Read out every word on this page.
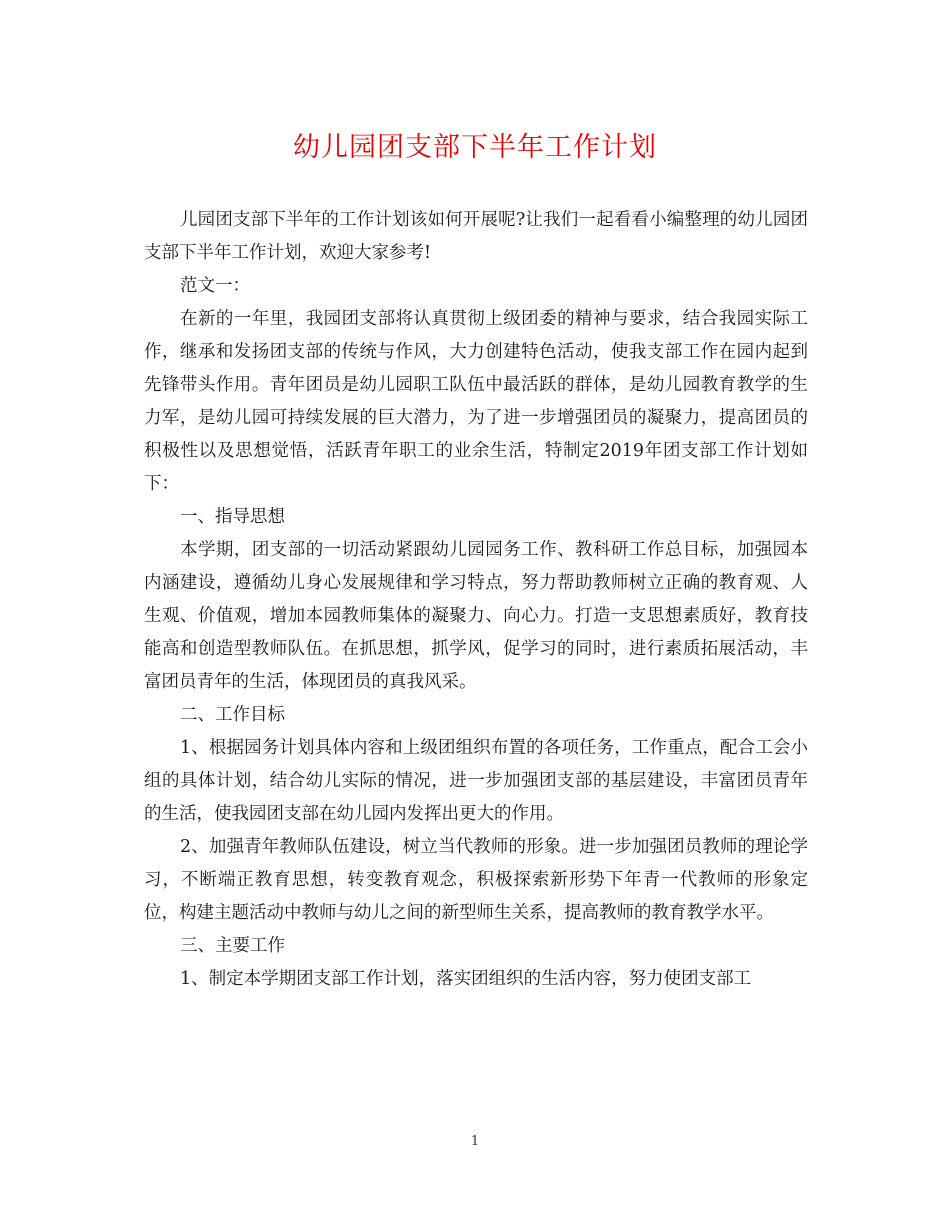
幼儿园团支部下半年工作计划

儿园团支部下半年的工作计划该如何开展呢?让我们一起看看小编整理的幼儿园团支部下半年工作计划，欢迎大家参考!

范文一：

在新的一年里，我园团支部将认真贯彻上级团委的精神与要求，结合我园实际工作，继承和发扬团支部的传统与作风，大力创建特色活动，使我支部工作在园内起到先锋带头作用。青年团员是幼儿园职工队伍中最活跃的群体，是幼儿园教育教学的生力军，是幼儿园可持续发展的巨大潜力，为了进一步增强团员的凝聚力，提高团员的积极性以及思想觉悟，活跃青年职工的业余生活，特制定2019年团支部工作计划如下：

一、指导思想

本学期，团支部的一切活动紧跟幼儿园园务工作、教科研工作总目标，加强园本内涵建设，遵循幼儿身心发展规律和学习特点，努力帮助教师树立正确的教育观、人生观、价值观，增加本园教师集体的凝聚力、向心力。打造一支思想素质好，教育技能高和创造型教师队伍。在抓思想，抓学风，促学习的同时，进行素质拓展活动，丰富团员青年的生活，体现团员的真我风采。

二、工作目标

1、根据园务计划具体内容和上级团组织布置的各项任务，工作重点，配合工会小组的具体计划，结合幼儿实际的情况，进一步加强团支部的基层建设，丰富团员青年的生活，使我园团支部在幼儿园内发挥出更大的作用。

2、加强青年教师队伍建设，树立当代教师的形象。进一步加强团员教师的理论学习，不断端正教育思想，转变教育观念，积极探索新形势下年青一代教师的形象定位，构建主题活动中教师与幼儿之间的新型师生关系，提高教师的教育教学水平。

三、主要工作

1、制定本学期团支部工作计划，落实团组织的生活内容，努力使团支部工

1
